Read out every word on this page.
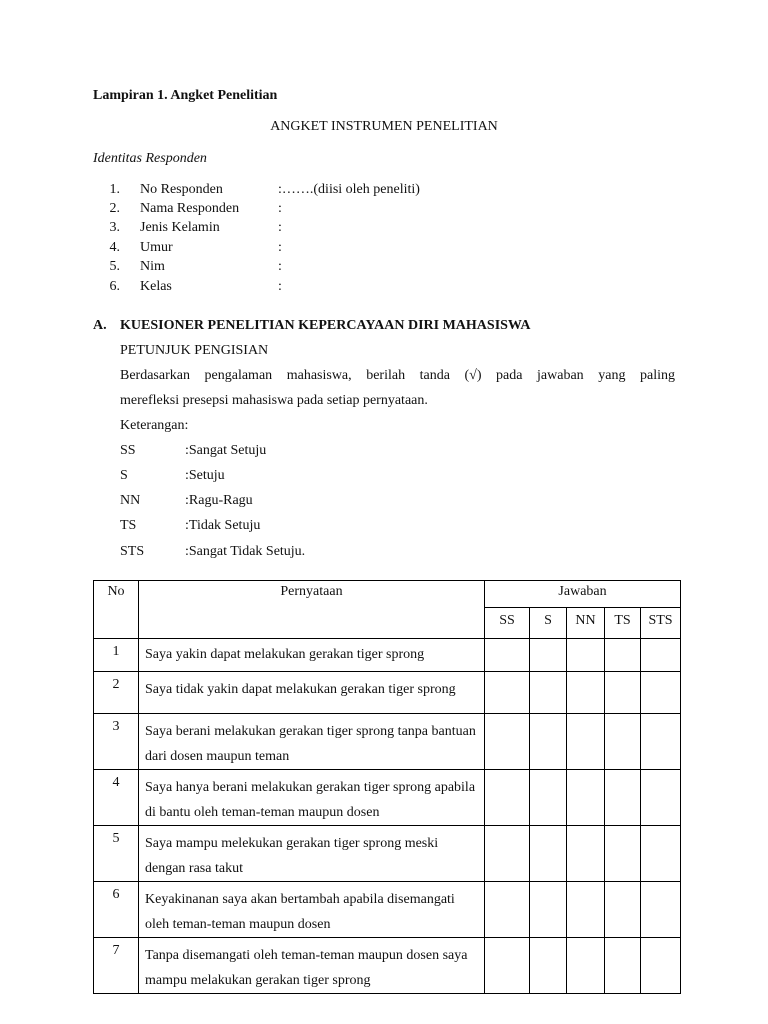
Lampiran 1. Angket Penelitian
ANGKET INSTRUMEN PENELITIAN
Identitas Responden
1. No Responden	:…….(diisi oleh peneliti)
2. Nama Responden	:
3. Jenis Kelamin	:
4. Umur	:
5. Nim	:
6. Kelas	:
A. KUESIONER PENELITIAN KEPERCAYAAN DIRI MAHASISWA
PETUNJUK PENGISIAN
Berdasarkan pengalaman mahasiswa, berilah tanda (√) pada jawaban yang paling
merefleksi presepsi mahasiswa pada setiap pernyataan.
Keterangan:
SS	:Sangat Setuju
S	:Setuju
NN	:Ragu-Ragu
TS	:Tidak Setuju
STS	:Sangat Tidak Setuju.
No	Pernyataan	Jawaban				
		SS	S	NN	TS	STS
1	Saya yakin dapat melakukan gerakan tiger sprong					
2	Saya tidak yakin dapat melakukan gerakan tiger sprong					
3	Saya berani melakukan gerakan tiger sprong tanpa bantuan dari dosen maupun teman					
4	Saya hanya berani melakukan gerakan tiger sprong apabila di bantu oleh teman-teman maupun dosen					
5	Saya mampu melekukan gerakan tiger sprong meski dengan rasa takut					
6	Keyakinanan saya akan bertambah apabila disemangati oleh teman-teman maupun dosen					
7	Tanpa disemangati oleh teman-teman maupun dosen saya mampu melakukan gerakan tiger sprong					
